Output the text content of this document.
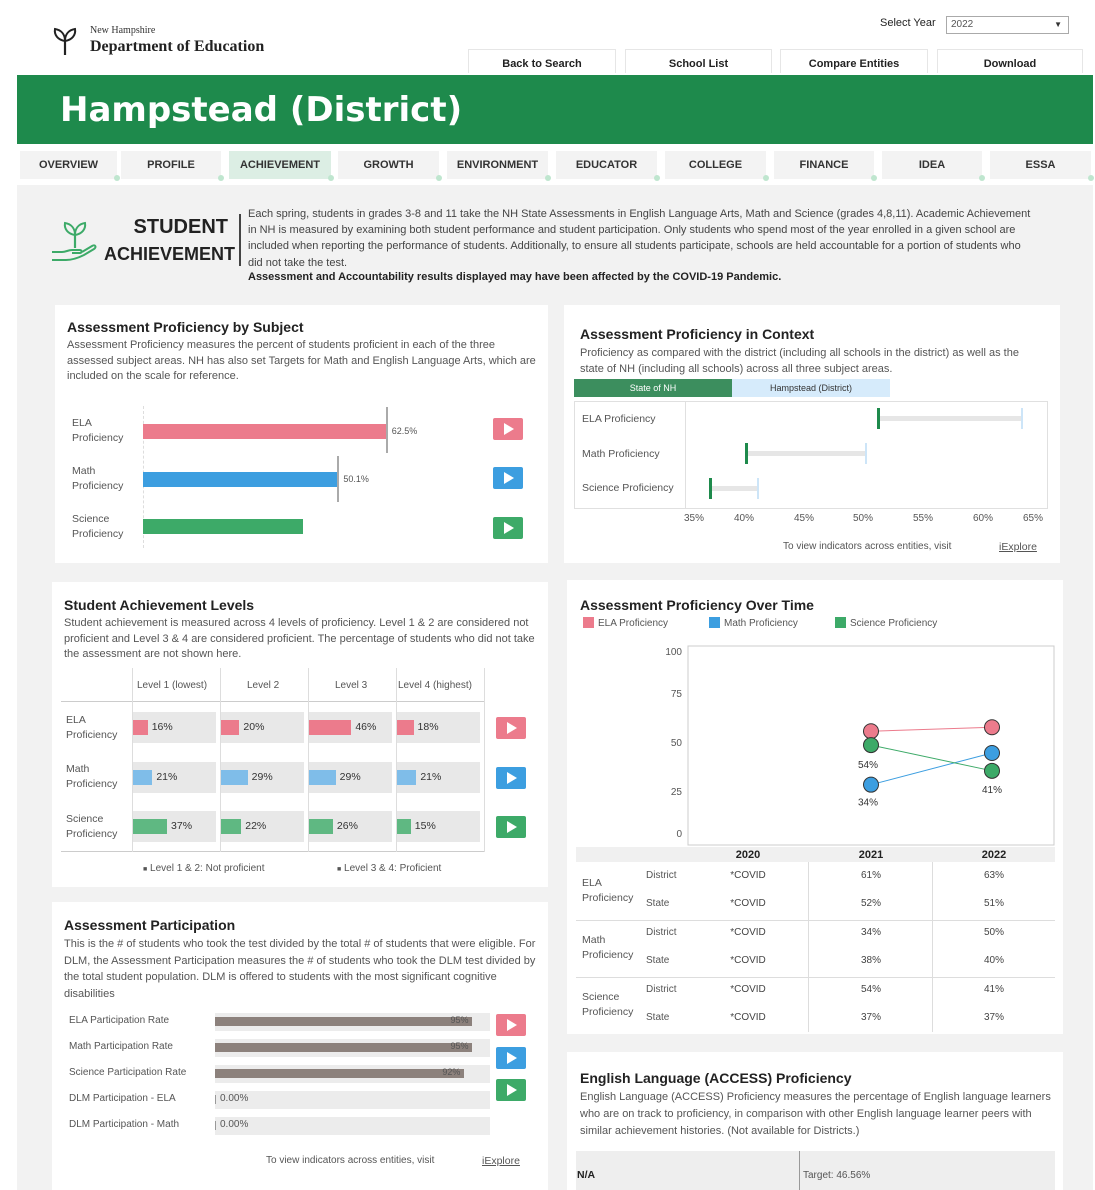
New Hampshire
Department of Education
Select Year	2022	▼
Back to Search	School List	Compare Entities	Download
Hampstead (District)
OVERVIEW	PROFILE	ACHIEVEMENT	GROWTH	ENVIRONMENT	EDUCATOR	COLLEGE	FINANCE	IDEA	ESSA
STUDENT
ACHIEVEMENT
Each spring, students in grades 3-8 and 11 take the NH State Assessments in English Language Arts, Math and Science (grades 4,8,11). Academic Achievement in NH is measured by examining both student performance and student participation. Only students who spend most of the year enrolled in a given school are included when reporting the performance of students. Additionally, to ensure all students participate, schools are held accountable for a portion of students who did not take the test.
Assessment and Accountability results displayed may have been affected by the COVID-19 Pandemic.
Assessment Proficiency by Subject
Assessment Proficiency measures the percent of students proficient in each of the three assessed subject areas. NH has also set Targets for Math and English Language Arts, which are included on the scale for reference.
ELA
Proficiency
Math
Proficiency
Science
Proficiency
62.5%
50.1%
Assessment Proficiency in Context
Proficiency as compared with the district (including all schools in the district) as well as the state of NH (including all schools) across all three subject areas.
State of NH	Hampstead (District)
ELA Proficiency
Math Proficiency
Science Proficiency
35%	40%	45%	50%	55%	60%	65%
To view indicators across entities, visit	iExplore
Student Achievement Levels
Student achievement is measured across 4 levels of proficiency. Level 1 & 2 are considered not proficient and Level 3 & 4 are considered proficient. The percentage of students who did not take the assessment are not shown here.
Level 1 (lowest)	Level 2	Level 3	Level 4 (highest)
ELA
Proficiency
Math
Proficiency
Science
Proficiency
16%	20%	46%	18%
21%	29%	29%	21%
37%	22%	26%	15%
■ Level 1 & 2: Not proficient	■ Level 3 & 4: Proficient
Assessment Participation
This is the # of students who took the test divided by the total # of students that were eligible. For DLM, the Assessment Participation measures the # of students who took the DLM test divided by the total student population. DLM is offered to students with the most significant cognitive disabilities
ELA Participation Rate	95%
Math Participation Rate	95%
Science Participation Rate	92%
DLM Participation - ELA	0.00%
DLM Participation - Math	0.00%
To view indicators across entities, visit	iExplore
Assessment Proficiency Over Time
ELA Proficiency	Math Proficiency	Science Proficiency
100
75
50
25
0
54%
34%
41%
2020	2021	2022
ELA
Proficiency
District	*COVID	61%	63%
State	*COVID	52%	51%
Math
Proficiency
District	*COVID	34%	50%
State	*COVID	38%	40%
Science
Proficiency
District	*COVID	54%	41%
State	*COVID	37%	37%
English Language (ACCESS) Proficiency
English Language (ACCESS) Proficiency measures the percentage of English language learners who are on track to proficiency, in comparison with other English language learner peers with similar achievement histories. (Not available for Districts.)
N/A	Target: 46.56%
